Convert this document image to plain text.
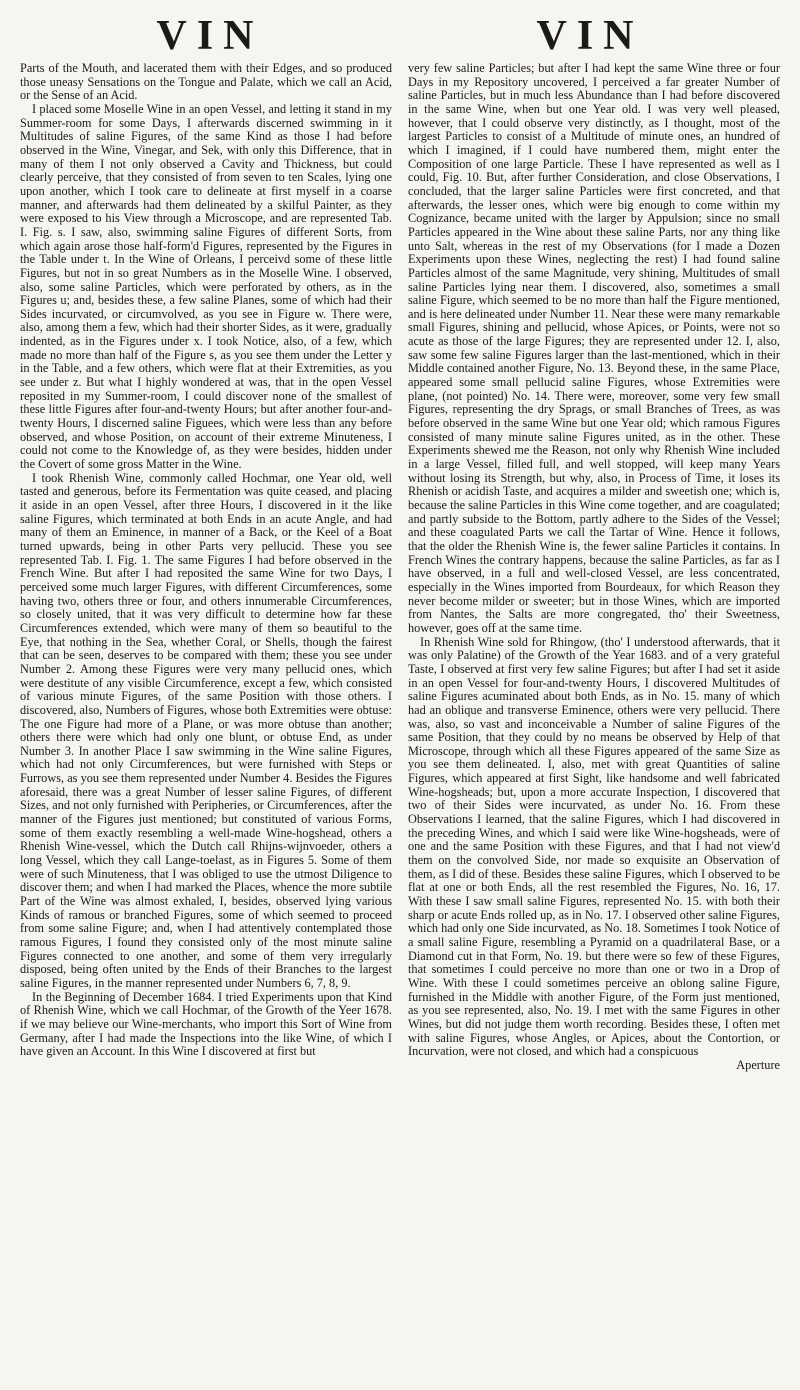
VIN	VIN

Parts of the Mouth, and lacerated them with their Edges, and so produced those uneasy Sensations on the Tongue and Palate, which we call an Acid, or the Sense of an Acid.

I placed some Moselle Wine in an open Vessel, and letting it stand in my Summer-room for some Days, I afterwards discerned swimming in it Multitudes of saline Figures, of the same Kind as those I had before observed in the Wine, Vinegar, and Sek, with only this Difference, that in many of them I not only observed a Cavity and Thickness, but could clearly perceive, that they consisted of from seven to ten Scales, lying one upon another, which I took care to delineate at first myself in a coarse manner, and afterwards had them delineated by a skilful Painter, as they were exposed to his View through a Microscope, and are represented Tab. I. Fig. s. I saw, also, swimming saline Figures of different Sorts, from which again arose those half-form'd Figures, represented by the Figures in the Table under t. In the Wine of Orleans, I perceivd some of these little Figures, but not in so great Numbers as in the Moselle Wine. I observed, also, some saline Particles, which were perforated by others, as in the Figures u; and, besides these, a few saline Planes, some of which had their Sides incurvated, or circumvolved, as you see in Figure w. There were, also, among them a few, which had their shorter Sides, as it were, gradually indented, as in the Figures under x. I took Notice, also, of a few, which made no more than half of the Figure s, as you see them under the Letter y in the Table, and a few others, which were flat at their Extremities, as you see under z. But what I highly wondered at was, that in the open Vessel reposited in my Summer-room, I could discover none of the smallest of these little Figures after four-and-twenty Hours; but after another four-and-twenty Hours, I discerned saline Figuees, which were less than any before observed, and whose Position, on account of their extreme Minuteness, I could not come to the Knowledge of, as they were besides, hidden under the Covert of some gross Matter in the Wine.

I took Rhenish Wine, commonly called Hochmar, one Year old, well tasted and generous, before its Fermentation was quite ceased, and placing it aside in an open Vessel, after three Hours, I discovered in it the like saline Figures, which terminated at both Ends in an acute Angle, and had many of them an Eminence, in manner of a Back, or the Keel of a Boat turned upwards, being in other Parts very pellucid. These you see represented Tab. I. Fig. 1. The same Figures I had before observed in the French Wine. But after I had reposited the same Wine for two Days, I perceived some much larger Figures, with different Circumferences, some having two, others three or four, and others innumerable Circumferences, so closely united, that it was very difficult to determine how far these Circumferences extended, which were many of them so beautiful to the Eye, that nothing in the Sea, whether Coral, or Shells, though the fairest that can be seen, deserves to be compared with them; these you see under Number 2. Among these Figures were very many pellucid ones, which were destitute of any visible Circumference, except a few, which consisted of various minute Figures, of the same Position with those others. I discovered, also, Numbers of Figures, whose both Extremities were obtuse: The one Figure had more of a Plane, or was more obtuse than another; others there were which had only one blunt, or obtuse End, as under Number 3. In another Place I saw swimming in the Wine saline Figures, which had not only Circumferences, but were furnished with Steps or Furrows, as you see them represented under Number 4. Besides the Figures aforesaid, there was a great Number of lesser saline Figures, of different Sizes, and not only furnished with Peripheries, or Circumferences, after the manner of the Figures just mentioned; but constituted of various Forms, some of them exactly resembling a well-made Wine-hogshead, others a Rhenish Wine-vessel, which the Dutch call Rhijns-wijnvoeder, others a long Vessel, which they call Lange-toelast, as in Figures 5. Some of them were of such Minuteness, that I was obliged to use the utmost Diligence to discover them; and when I had marked the Places, whence the more subtile Part of the Wine was almost exhaled, I, besides, observed lying various Kinds of ramous or branched Figures, some of which seemed to proceed from some saline Figure; and, when I had attentively contemplated those ramous Figures, I found they consisted only of the most minute saline Figures connected to one another, and some of them very irregularly disposed, being often united by the Ends of their Branches to the largest saline Figures, in the manner represented under Numbers 6, 7, 8, 9.

In the Beginning of December 1684. I tried Experiments upon that Kind of Rhenish Wine, which we call Hochmar, of the Growth of the Yeer 1678. if we may believe our Wine-merchants, who import this Sort of Wine from Germany, after I had made the Inspections into the like Wine, of which I have given an Account. In this Wine I discovered at first but

very few saline Particles; but after I had kept the same Wine three or four Days in my Repository uncovered, I perceived a far greater Number of saline Particles, but in much less Abundance than I had before discovered in the same Wine, when but one Year old. I was very well pleased, however, that I could observe very distinctly, as I thought, most of the largest Particles to consist of a Multitude of minute ones, an hundred of which I imagined, if I could have numbered them, might enter the Composition of one large Particle. These I have represented as well as I could, Fig. 10. But, after further Consideration, and close Observations, I concluded, that the larger saline Particles were first concreted, and that afterwards, the lesser ones, which were big enough to come within my Cognizance, became united with the larger by Appulsion; since no small Particles appeared in the Wine about these saline Parts, nor any thing like unto Salt, whereas in the rest of my Observations (for I made a Dozen Experiments upon these Wines, neglecting the rest) I had found saline Particles almost of the same Magnitude, very shining, Multitudes of small saline Particles lying near them. I discovered, also, sometimes a small saline Figure, which seemed to be no more than half the Figure mentioned, and is here delineated under Number 11. Near these were many remarkable small Figures, shining and pellucid, whose Apices, or Points, were not so acute as those of the large Figures; they are represented under 12. I, also, saw some few saline Figures larger than the last-mentioned, which in their Middle contained another Figure, No. 13. Beyond these, in the same Place, appeared some small pellucid saline Figures, whose Extremities were plane, (not pointed) No. 14. There were, moreover, some very few small Figures, representing the dry Sprags, or small Branches of Trees, as was before observed in the same Wine but one Year old; which ramous Figures consisted of many minute saline Figures united, as in the other. These Experiments shewed me the Reason, not only why Rhenish Wine included in a large Vessel, filled full, and well stopped, will keep many Years without losing its Strength, but why, also, in Process of Time, it loses its Rhenish or acidish Taste, and acquires a milder and sweetish one; which is, because the saline Particles in this Wine come together, and are coagulated; and partly subside to the Bottom, partly adhere to the Sides of the Vessel; and these coagulated Parts we call the Tartar of Wine. Hence it follows, that the older the Rhenish Wine is, the fewer saline Particles it contains. In French Wines the contrary happens, because the saline Particles, as far as I have observed, in a full and well-closed Vessel, are less concentrated, especially in the Wines imported from Bourdeaux, for which Reason they never become milder or sweeter; but in those Wines, which are imported from Nantes, the Salts are more congregated, tho' their Sweetness, however, goes off at the same time.

In Rhenish Wine sold for Rhingow, (tho' I understood afterwards, that it was only Palatine) of the Growth of the Year 1683. and of a very grateful Taste, I observed at first very few saline Figures; but after I had set it aside in an open Vessel for four-and-twenty Hours, I discovered Multitudes of saline Figures acuminated about both Ends, as in No. 15. many of which had an oblique and transverse Eminence, others were very pellucid. There was, also, so vast and inconceivable a Number of saline Figures of the same Position, that they could by no means be observed by Help of that Microscope, through which all these Figures appeared of the same Size as you see them delineated. I, also, met with great Quantities of saline Figures, which appeared at first Sight, like handsome and well fabricated Wine-hogsheads; but, upon a more accurate Inspection, I discovered that two of their Sides were incurvated, as under No. 16. From these Observations I learned, that the saline Figures, which I had discovered in the preceding Wines, and which I said were like Wine-hogsheads, were of one and the same Position with these Figures, and that I had not view'd them on the convolved Side, nor made so exquisite an Observation of them, as I did of these. Besides these saline Figures, which I observed to be flat at one or both Ends, all the rest resembled the Figures, No. 16, 17. With these I saw small saline Figures, represented No. 15. with both their sharp or acute Ends rolled up, as in No. 17. I observed other saline Figures, which had only one Side incurvated, as No. 18. Sometimes I took Notice of a small saline Figure, resembling a Pyramid on a quadrilateral Base, or a Diamond cut in that Form, No. 19. but there were so few of these Figures, that sometimes I could perceive no more than one or two in a Drop of Wine. With these I could sometimes perceive an oblong saline Figure, furnished in the Middle with another Figure, of the Form just mentioned, as you see represented, also, No. 19. I met with the same Figures in other Wines, but did not judge them worth recording. Besides these, I often met with saline Figures, whose Angles, or Apices, about the Contortion, or Incurvation, were not closed, and which had a conspicuous

Aperture
